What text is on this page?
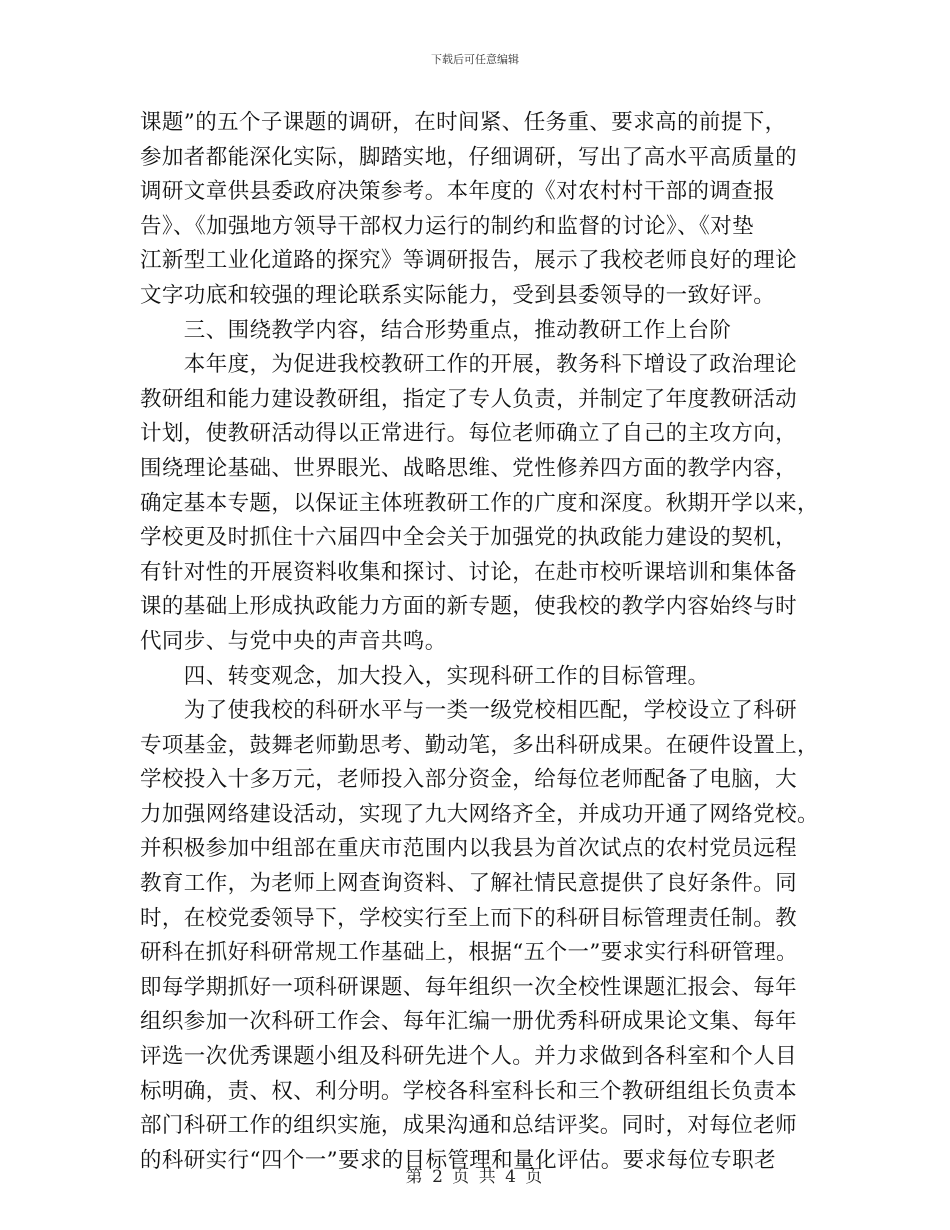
下载后可任意编辑
课题”的五个子课题的调研，在时间紧、任务重、要求高的前提下，
参加者都能深化实际，脚踏实地，仔细调研，写出了高水平高质量的
调研文章供县委政府决策参考。本年度的《对农村村干部的调查报
告》、《加强地方领导干部权力运行的制约和监督的讨论》、《对垫
江新型工业化道路的探究》等调研报告，展示了我校老师良好的理论
文字功底和较强的理论联系实际能力，受到县委领导的一致好评。
　　三、围绕教学内容，结合形势重点，推动教研工作上台阶
　　本年度，为促进我校教研工作的开展，教务科下增设了政治理论
教研组和能力建设教研组，指定了专人负责，并制定了年度教研活动
计划，使教研活动得以正常进行。每位老师确立了自己的主攻方向，
围绕理论基础、世界眼光、战略思维、党性修养四方面的教学内容，
确定基本专题，以保证主体班教研工作的广度和深度。秋期开学以来，
学校更及时抓住十六届四中全会关于加强党的执政能力建设的契机，
有针对性的开展资料收集和探讨、讨论，在赴市校听课培训和集体备
课的基础上形成执政能力方面的新专题，使我校的教学内容始终与时
代同步、与党中央的声音共鸣。
　　四、转变观念，加大投入，实现科研工作的目标管理。
　　为了使我校的科研水平与一类一级党校相匹配，学校设立了科研
专项基金，鼓舞老师勤思考、勤动笔，多出科研成果。在硬件设置上，
学校投入十多万元，老师投入部分资金，给每位老师配备了电脑，大
力加强网络建设活动，实现了九大网络齐全，并成功开通了网络党校。
并积极参加中组部在重庆市范围内以我县为首次试点的农村党员远程
教育工作，为老师上网查询资料、了解社情民意提供了良好条件。同
时，在校党委领导下，学校实行至上而下的科研目标管理责任制。教
研科在抓好科研常规工作基础上，根据“五个一”要求实行科研管理。
即每学期抓好一项科研课题、每年组织一次全校性课题汇报会、每年
组织参加一次科研工作会、每年汇编一册优秀科研成果论文集、每年
评选一次优秀课题小组及科研先进个人。并力求做到各科室和个人目
标明确，责、权、利分明。学校各科室科长和三个教研组组长负责本
部门科研工作的组织实施，成果沟通和总结评奖。同时，对每位老师
的科研实行“四个一”要求的目标管理和量化评估。要求每位专职老
第 2 页 共 4 页
